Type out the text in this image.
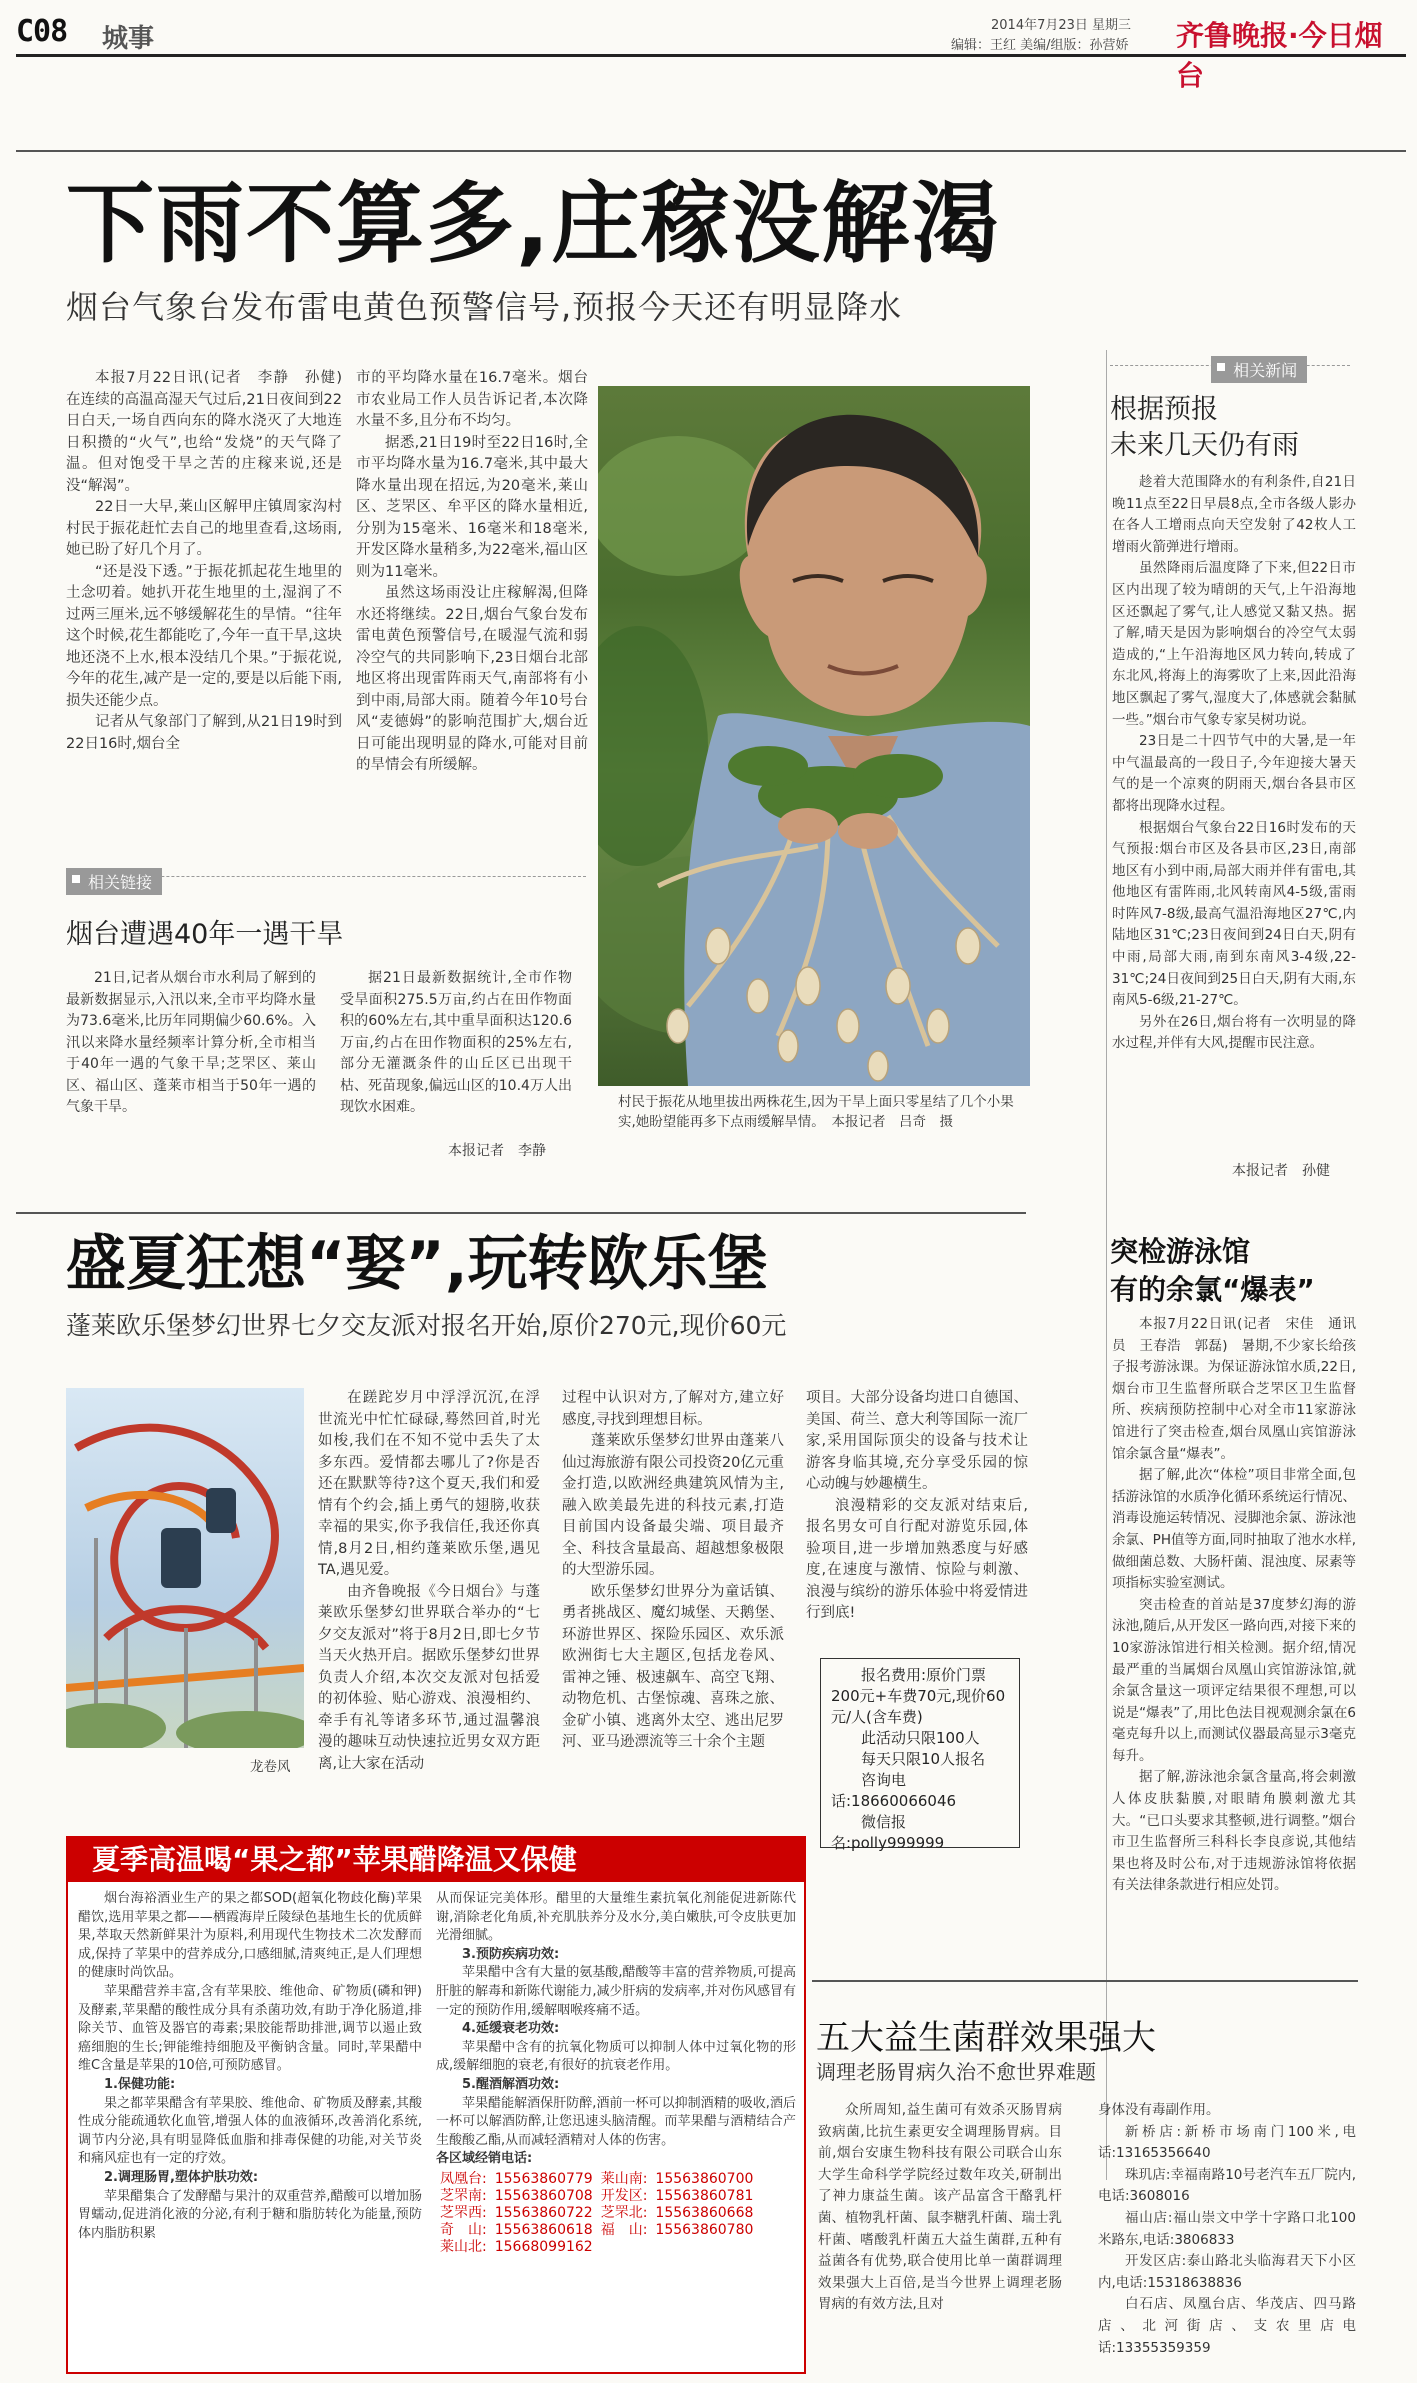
C08 城事	2014年7月23日 星期三
编辑：王红 美编/组版：孙营娇 齐鲁晚报·今日烟台
下雨不算多,庄稼没解渴
烟台气象台发布雷电黄色预警信号,预报今天还有明显降水

本报7月22日讯(记者　李静　孙健)　在连续的高温高湿天气过后,21日夜间到22日白天,一场自西向东的降水浇灭了大地连日积攒的“火气”,也给“发烧”的天气降了温。但对饱受干旱之苦的庄稼来说,还是没“解渴”。

22日一大早,莱山区解甲庄镇周家沟村村民于振花赶忙去自己的地里查看,这场雨,她已盼了好几个月了。

“还是没下透。”于振花抓起花生地里的土念叨着。她扒开花生地里的土,湿润了不过两三厘米,远不够缓解花生的旱情。“往年这个时候,花生都能吃了,今年一直干旱,这块地还浇不上水,根本没结几个果。”于振花说,今年的花生,减产是一定的,要是以后能下雨,损失还能少点。

记者从气象部门了解到,从21日19时到22日16时,烟台全

市的平均降水量在16.7毫米。烟台市农业局工作人员告诉记者,本次降水量不多,且分布不均匀。

据悉,21日19时至22日16时,全市平均降水量为16.7毫米,其中最大降水量出现在招远,为20毫米,莱山区、芝罘区、牟平区的降水量相近,分别为15毫米、16毫米和18毫米,开发区降水量稍多,为22毫米,福山区则为11毫米。

虽然这场雨没让庄稼解渴,但降水还将继续。22日,烟台气象台发布雷电黄色预警信号,在暖湿气流和弱冷空气的共同影响下,23日烟台北部地区将出现雷阵雨天气,南部将有小到中雨,局部大雨。随着今年10号台风“麦德姆”的影响范围扩大,烟台近日可能出现明显的降水,可能对目前的旱情会有所缓解。

村民于振花从地里拔出两株花生,因为干旱上面只零星结了几个小果实,她盼望能再多下点雨缓解旱情。　本报记者　吕奇　摄
相关链接
烟台遭遇40年一遇干旱

21日,记者从烟台市水利局了解到的最新数据显示,入汛以来,全市平均降水量为73.6毫米,比历年同期偏少60.6%。入汛以来降水量经频率计算分析,全市相当于40年一遇的气象干旱;芝罘区、莱山区、福山区、蓬莱市相当于50年一遇的气象干旱。

据21日最新数据统计,全市作物受旱面积275.5万亩,约占在田作物面积的60%左右,其中重旱面积达120.6万亩,约占在田作物面积的25%左右,部分无灌溉条件的山丘区已出现干枯、死苗现象,偏远山区的10.4万人出现饮水困难。

本报记者　李静
相关新闻
根据预报
未来几天仍有雨

趁着大范围降水的有利条件,自21日晚11点至22日早晨8点,全市各级人影办在各人工增雨点向天空发射了42枚人工增雨火箭弹进行增雨。

虽然降雨后温度降了下来,但22日市区内出现了较为晴朗的天气,上午沿海地区还飘起了雾气,让人感觉又黏又热。据了解,晴天是因为影响烟台的冷空气太弱造成的,“上午沿海地区风力转向,转成了东北风,将海上的海雾吹了上来,因此沿海地区飘起了雾气,湿度大了,体感就会黏腻一些。”烟台市气象专家吴树功说。

23日是二十四节气中的大暑,是一年中气温最高的一段日子,今年迎接大暑天气的是一个凉爽的阴雨天,烟台各县市区都将出现降水过程。

根据烟台气象台22日16时发布的天气预报:烟台市区及各县市区,23日,南部地区有小到中雨,局部大雨并伴有雷电,其他地区有雷阵雨,北风转南风4-5级,雷雨时阵风7-8级,最高气温沿海地区27℃,内陆地区31℃;23日夜间到24日白天,阴有中雨,局部大雨,南到东南风3-4级,22-31℃;24日夜间到25日白天,阴有大雨,东南风5-6级,21-27℃。

另外在26日,烟台将有一次明显的降水过程,并伴有大风,提醒市民注意。

本报记者　孙健
盛夏狂想“娶”,玩转欧乐堡
蓬莱欧乐堡梦幻世界七夕交友派对报名开始,原价270元,现价60元
龙卷风

在蹉跎岁月中浮浮沉沉,在浮世流光中忙忙碌碌,蓦然回首,时光如梭,我们在不知不觉中丢失了太多东西。爱情都去哪儿了?你是否还在默默等待?这个夏天,我们和爱情有个约会,插上勇气的翅膀,收获幸福的果实,你予我信任,我还你真情,8月2日,相约蓬莱欧乐堡,遇见TA,遇见爱。

由齐鲁晚报《今日烟台》与蓬莱欧乐堡梦幻世界联合举办的“七夕交友派对”将于8月2日,即七夕节当天火热开启。据欧乐堡梦幻世界负责人介绍,本次交友派对包括爱的初体验、贴心游戏、浪漫相约、牵手有礼等诸多环节,通过温馨浪漫的趣味互动快速拉近男女双方距离,让大家在活动

过程中认识对方,了解对方,建立好感度,寻找到理想目标。

蓬莱欧乐堡梦幻世界由蓬莱八仙过海旅游有限公司投资20亿元重金打造,以欧洲经典建筑风情为主,融入欧美最先进的科技元素,打造目前国内设备最尖端、项目最齐全、科技含量最高、超越想象极限的大型游乐园。

欧乐堡梦幻世界分为童话镇、勇者挑战区、魔幻城堡、天鹅堡、环游世界区、探险乐园区、欢乐派欧洲街七大主题区,包括龙卷风、雷神之锤、极速飙车、高空飞翔、动物危机、古堡惊魂、喜珠之旅、金矿小镇、逃离外太空、逃出尼罗河、亚马逊漂流等三十余个主题

项目。大部分设备均进口自德国、美国、荷兰、意大利等国际一流厂家,采用国际顶尖的设备与技术让游客身临其境,充分享受乐园的惊心动魄与妙趣横生。

浪漫精彩的交友派对结束后,报名男女可自行配对游览乐园,体验项目,进一步增加熟悉度与好感度,在速度与激情、惊险与刺激、浪漫与缤纷的游乐体验中将爱情进行到底!

报名费用:原价门票200元+车费70元,现价60元/人(含车费)
此活动只限100人
每天只限10人报名
咨询电话:18660066046
微信报名:polly999999
突检游泳馆
有的余氯“爆表”

本报7月22日讯(记者　宋佳　通讯员　王春浩　郭磊)　暑期,不少家长给孩子报考游泳课。为保证游泳馆水质,22日,烟台市卫生监督所联合芝罘区卫生监督所、疾病预防控制中心对全市11家游泳馆进行了突击检查,烟台凤凰山宾馆游泳馆余氯含量“爆表”。

据了解,此次“体检”项目非常全面,包括游泳馆的水质净化循环系统运行情况、消毒设施运转情况、浸脚池余氯、游泳池余氯、PH值等方面,同时抽取了池水水样,做细菌总数、大肠杆菌、混浊度、尿素等项指标实验室测试。

突击检查的首站是37度梦幻海的游泳池,随后,从开发区一路向西,对接下来的10家游泳馆进行相关检测。据介绍,情况最严重的当属烟台凤凰山宾馆游泳馆,就余氯含量这一项评定结果很不理想,可以说是“爆表”了,用比色法目视观测余氯在6毫克每升以上,而测试仪器最高显示3毫克每升。

据了解,游泳池余氯含量高,将会刺激人体皮肤黏膜,对眼睛角膜刺激尤其大。“已口头要求其整顿,进行调整。”烟台市卫生监督所三科科长李良彦说,其他结果也将及时公布,对于违规游泳馆将依据有关法律条款进行相应处罚。

夏季高温喝“果之都”苹果醋降温又保健

烟台海裕酒业生产的果之都SOD(超氧化物歧化酶)苹果醋饮,选用苹果之都——栖霞海岸丘陵绿色基地生长的优质鲜果,萃取天然新鲜果汁为原料,利用现代生物技术二次发酵而成,保持了苹果中的营养成分,口感细腻,清爽纯正,是人们理想的健康时尚饮品。

苹果醋营养丰富,含有苹果胶、维他命、矿物质(磷和钾)及酵素,苹果醋的酸性成分具有杀菌功效,有助于净化肠道,排除关节、血管及器官的毒素;果胶能帮助排泄,调节以遏止致癌细胞的生长;钾能维持细胞及平衡钠含量。同时,苹果醋中维C含量是苹果的10倍,可预防感冒。

1.保健功能:

果之都苹果醋含有苹果胶、维他命、矿物质及酵素,其酸性成分能疏通软化血管,增强人体的血液循环,改善消化系统,调节内分泌,具有明显降低血脂和排毒保健的功能,对关节炎和痛风症也有一定的疗效。

2.调理肠胃,塑体护肤功效:

苹果醋集合了发酵醋与果汁的双重营养,醋酸可以增加肠胃蠕动,促进消化液的分泌,有利于糖和脂肪转化为能量,预防体内脂肪积累

从而保证完美体形。醋里的大量维生素抗氧化剂能促进新陈代谢,消除老化角质,补充肌肤养分及水分,美白嫩肤,可令皮肤更加光滑细腻。

3.预防疾病功效:

苹果醋中含有大量的氨基酸,醋酸等丰富的营养物质,可提高肝脏的解毒和新陈代谢能力,减少肝病的发病率,并对伤风感冒有一定的预防作用,缓解咽喉疼痛不适。

4.延缓衰老功效:

苹果醋中含有的抗氧化物质可以抑制人体中过氧化物的形成,缓解细胞的衰老,有很好的抗衰老作用。

5.醒酒解酒功效:

苹果醋能解酒保肝防醉,酒前一杯可以抑制酒精的吸收,酒后一杯可以解酒防醉,让您迅速头脑清醒。而苹果醋与酒精结合产生酸酸乙酯,从而减轻酒精对人体的伤害。

各区域经销电话:

凤凰台:	15563860779	莱山南:	15563860700
芝罘南:	15563860708	开发区:	15563860781
芝罘西:	15563860722	芝罘北:	15563860668
奇　山:	15563860618	福　山:	15563860780
莱山北:	15668099162		
五大益生菌群效果强大
调理老肠胃病久治不愈世界难题

众所周知,益生菌可有效杀灭肠胃病致病菌,比抗生素更安全调理肠胃病。目前,烟台安康生物科技有限公司联合山东大学生命科学学院经过数年攻关,研制出了神力康益生菌。该产品富含干酪乳杆菌、植物乳杆菌、鼠李糖乳杆菌、瑞士乳杆菌、嗜酸乳杆菌五大益生菌群,五种有益菌各有优势,联合使用比单一菌群调理效果强大上百倍,是当今世界上调理老肠胃病的有效方法,且对

身体没有毒副作用。

新桥店:新桥市场南门100米,电话:13165356640

珠玑店:幸福南路10号老汽车五厂院内,电话:3608016

福山店:福山崇文中学十字路口北100米路东,电话:3806833

开发区店:泰山路北头临海君天下小区内,电话:15318638836

白石店、凤凰台店、华茂店、四马路店、北河街店、支农里店电话:13355359359
